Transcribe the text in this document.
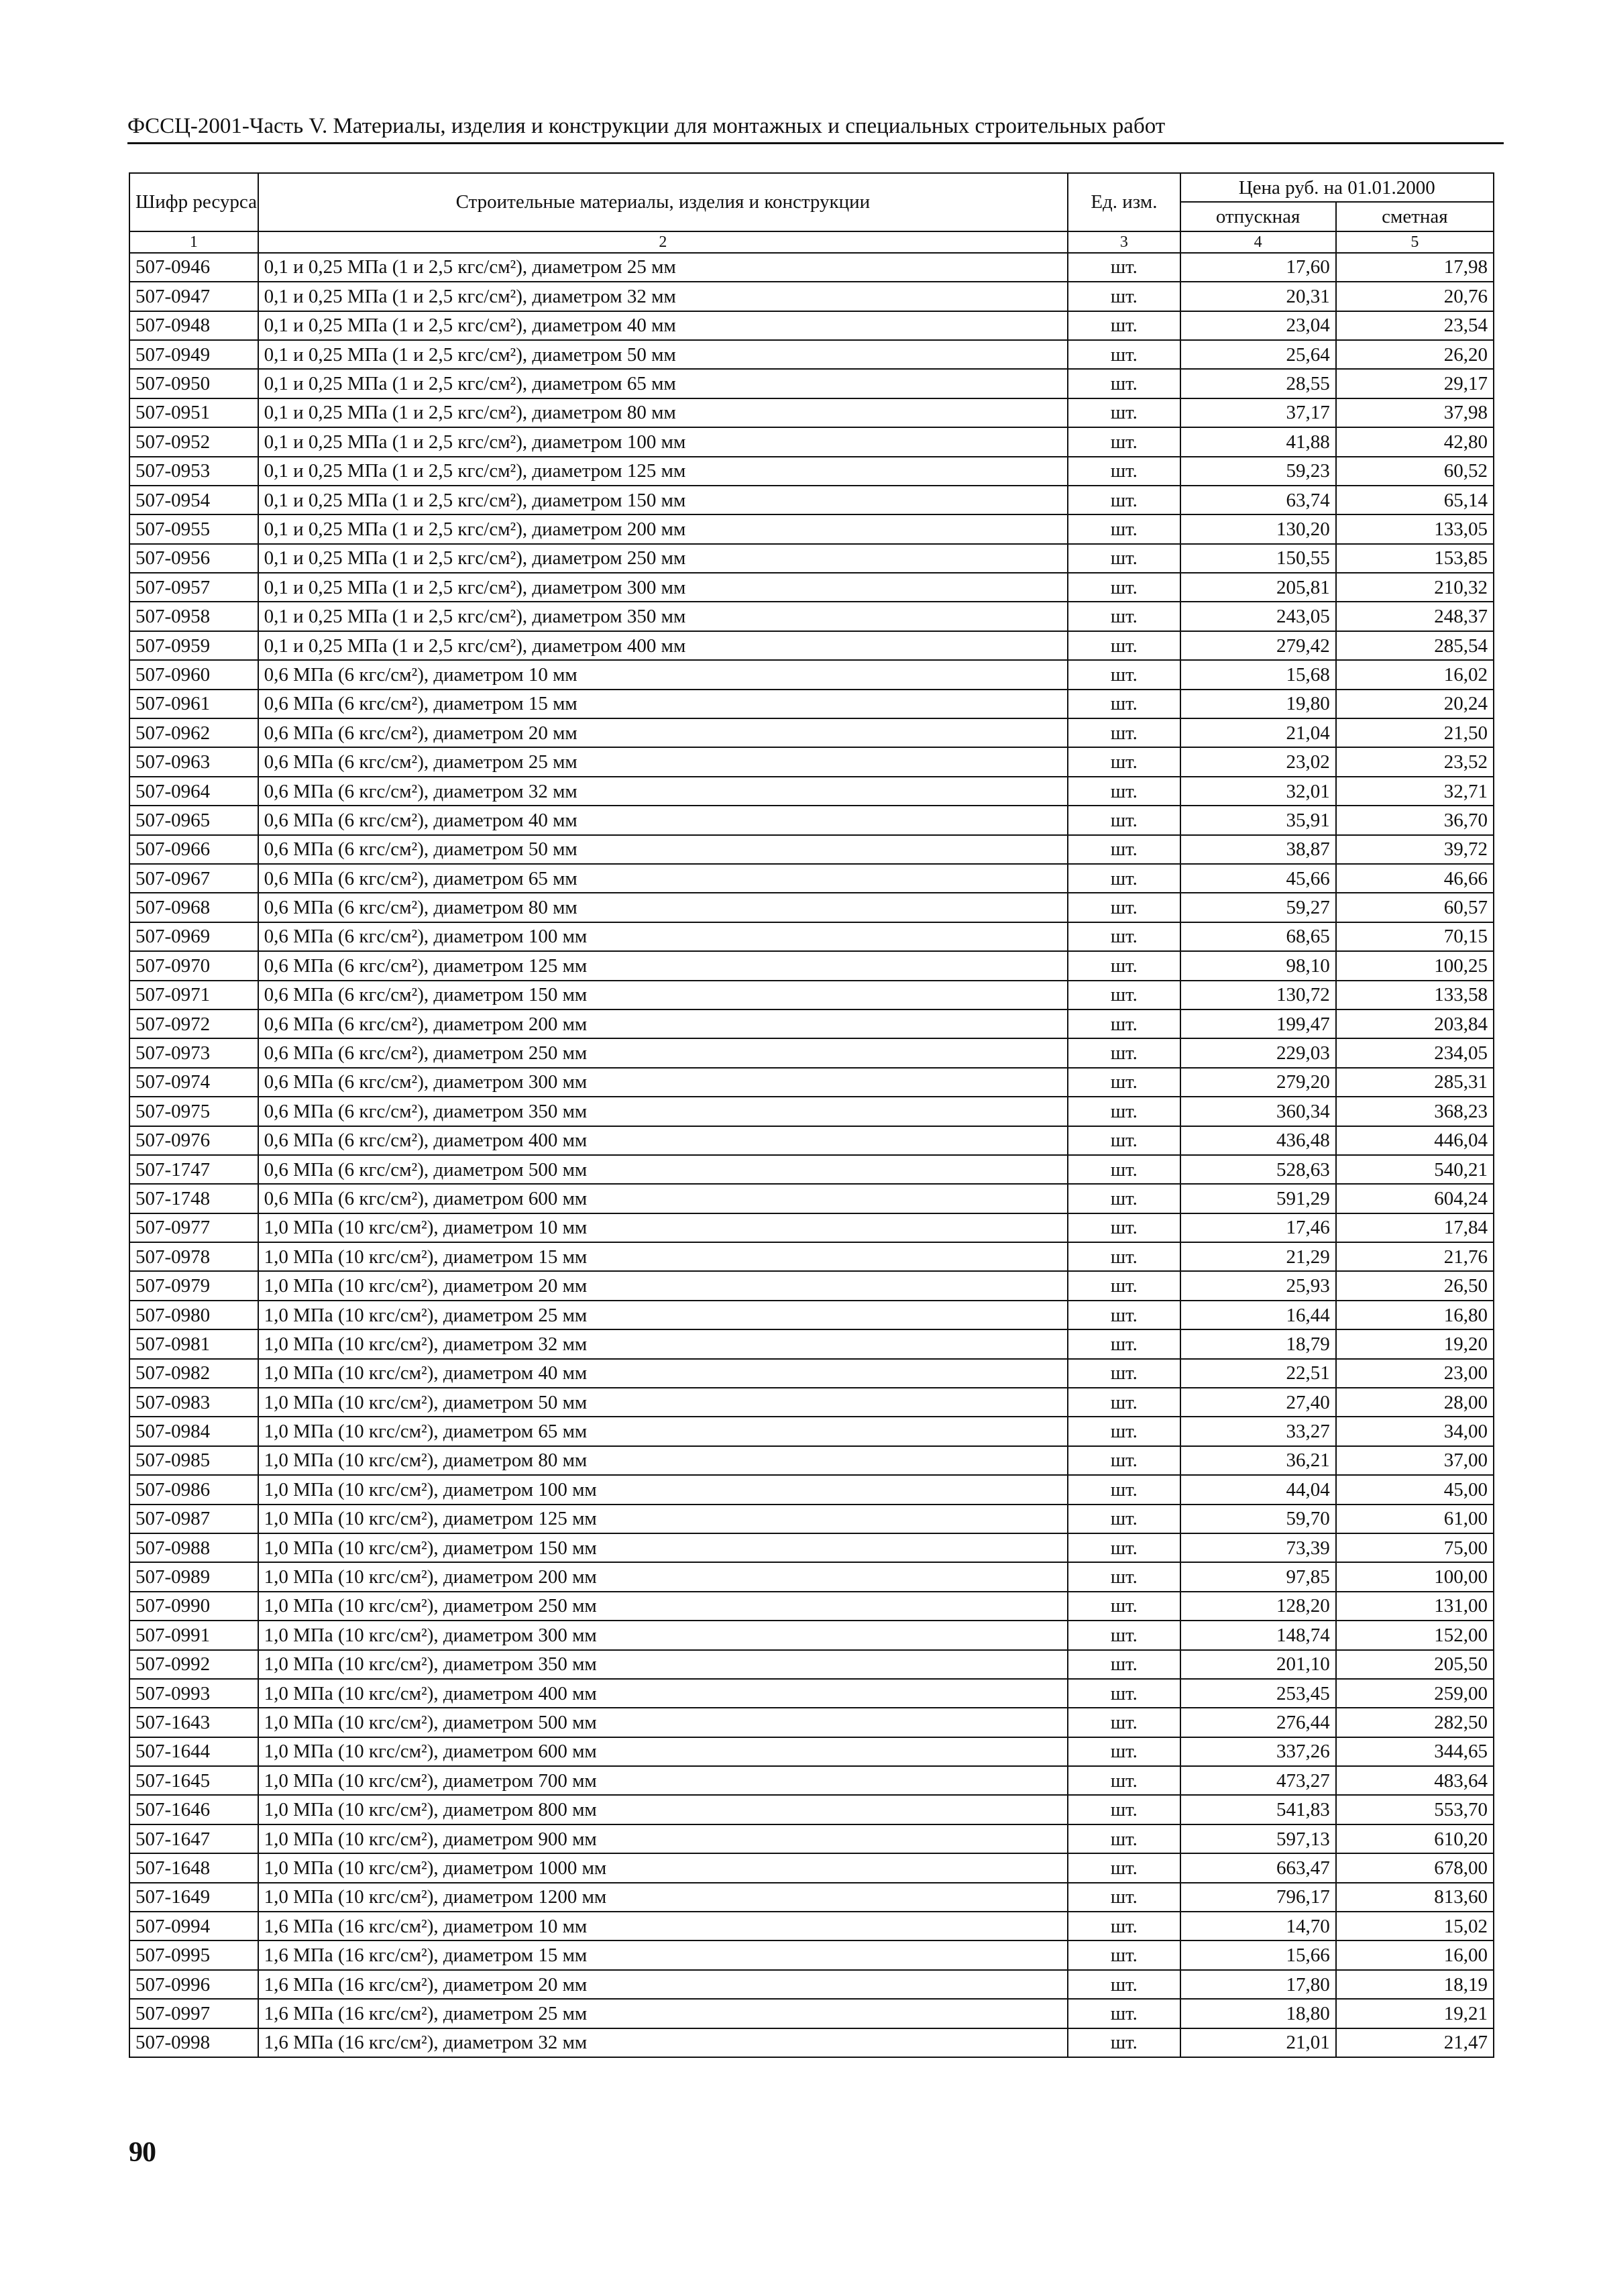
ФССЦ-2001-Часть V. Материалы, изделия и конструкции для монтажных и специальных строительных работ
Шифр ресурса	Строительные материалы, изделия и конструкции	Ед. изм.	Цена руб. на 01.01.2000	
			отпускная	сметная
1	2	3	4	5
507-0946	0,1 и 0,25 МПа (1 и 2,5 кгс/см²), диаметром 25 мм	шт.	17,60	17,98
507-0947	0,1 и 0,25 МПа (1 и 2,5 кгс/см²), диаметром 32 мм	шт.	20,31	20,76
507-0948	0,1 и 0,25 МПа (1 и 2,5 кгс/см²), диаметром 40 мм	шт.	23,04	23,54
507-0949	0,1 и 0,25 МПа (1 и 2,5 кгс/см²), диаметром 50 мм	шт.	25,64	26,20
507-0950	0,1 и 0,25 МПа (1 и 2,5 кгс/см²), диаметром 65 мм	шт.	28,55	29,17
507-0951	0,1 и 0,25 МПа (1 и 2,5 кгс/см²), диаметром 80 мм	шт.	37,17	37,98
507-0952	0,1 и 0,25 МПа (1 и 2,5 кгс/см²), диаметром 100 мм	шт.	41,88	42,80
507-0953	0,1 и 0,25 МПа (1 и 2,5 кгс/см²), диаметром 125 мм	шт.	59,23	60,52
507-0954	0,1 и 0,25 МПа (1 и 2,5 кгс/см²), диаметром 150 мм	шт.	63,74	65,14
507-0955	0,1 и 0,25 МПа (1 и 2,5 кгс/см²), диаметром 200 мм	шт.	130,20	133,05
507-0956	0,1 и 0,25 МПа (1 и 2,5 кгс/см²), диаметром 250 мм	шт.	150,55	153,85
507-0957	0,1 и 0,25 МПа (1 и 2,5 кгс/см²), диаметром 300 мм	шт.	205,81	210,32
507-0958	0,1 и 0,25 МПа (1 и 2,5 кгс/см²), диаметром 350 мм	шт.	243,05	248,37
507-0959	0,1 и 0,25 МПа (1 и 2,5 кгс/см²), диаметром 400 мм	шт.	279,42	285,54
507-0960	0,6 МПа (6 кгс/см²), диаметром 10 мм	шт.	15,68	16,02
507-0961	0,6 МПа (6 кгс/см²), диаметром 15 мм	шт.	19,80	20,24
507-0962	0,6 МПа (6 кгс/см²), диаметром 20 мм	шт.	21,04	21,50
507-0963	0,6 МПа (6 кгс/см²), диаметром 25 мм	шт.	23,02	23,52
507-0964	0,6 МПа (6 кгс/см²), диаметром 32 мм	шт.	32,01	32,71
507-0965	0,6 МПа (6 кгс/см²), диаметром 40 мм	шт.	35,91	36,70
507-0966	0,6 МПа (6 кгс/см²), диаметром 50 мм	шт.	38,87	39,72
507-0967	0,6 МПа (6 кгс/см²), диаметром 65 мм	шт.	45,66	46,66
507-0968	0,6 МПа (6 кгс/см²), диаметром 80 мм	шт.	59,27	60,57
507-0969	0,6 МПа (6 кгс/см²), диаметром 100 мм	шт.	68,65	70,15
507-0970	0,6 МПа (6 кгс/см²), диаметром 125 мм	шт.	98,10	100,25
507-0971	0,6 МПа (6 кгс/см²), диаметром 150 мм	шт.	130,72	133,58
507-0972	0,6 МПа (6 кгс/см²), диаметром 200 мм	шт.	199,47	203,84
507-0973	0,6 МПа (6 кгс/см²), диаметром 250 мм	шт.	229,03	234,05
507-0974	0,6 МПа (6 кгс/см²), диаметром 300 мм	шт.	279,20	285,31
507-0975	0,6 МПа (6 кгс/см²), диаметром 350 мм	шт.	360,34	368,23
507-0976	0,6 МПа (6 кгс/см²), диаметром 400 мм	шт.	436,48	446,04
507-1747	0,6 МПа (6 кгс/см²), диаметром 500 мм	шт.	528,63	540,21
507-1748	0,6 МПа (6 кгс/см²), диаметром 600 мм	шт.	591,29	604,24
507-0977	1,0 МПа (10 кгс/см²), диаметром 10 мм	шт.	17,46	17,84
507-0978	1,0 МПа (10 кгс/см²), диаметром 15 мм	шт.	21,29	21,76
507-0979	1,0 МПа (10 кгс/см²), диаметром 20 мм	шт.	25,93	26,50
507-0980	1,0 МПа (10 кгс/см²), диаметром 25 мм	шт.	16,44	16,80
507-0981	1,0 МПа (10 кгс/см²), диаметром 32 мм	шт.	18,79	19,20
507-0982	1,0 МПа (10 кгс/см²), диаметром 40 мм	шт.	22,51	23,00
507-0983	1,0 МПа (10 кгс/см²), диаметром 50 мм	шт.	27,40	28,00
507-0984	1,0 МПа (10 кгс/см²), диаметром 65 мм	шт.	33,27	34,00
507-0985	1,0 МПа (10 кгс/см²), диаметром 80 мм	шт.	36,21	37,00
507-0986	1,0 МПа (10 кгс/см²), диаметром 100 мм	шт.	44,04	45,00
507-0987	1,0 МПа (10 кгс/см²), диаметром 125 мм	шт.	59,70	61,00
507-0988	1,0 МПа (10 кгс/см²), диаметром 150 мм	шт.	73,39	75,00
507-0989	1,0 МПа (10 кгс/см²), диаметром 200 мм	шт.	97,85	100,00
507-0990	1,0 МПа (10 кгс/см²), диаметром 250 мм	шт.	128,20	131,00
507-0991	1,0 МПа (10 кгс/см²), диаметром 300 мм	шт.	148,74	152,00
507-0992	1,0 МПа (10 кгс/см²), диаметром 350 мм	шт.	201,10	205,50
507-0993	1,0 МПа (10 кгс/см²), диаметром 400 мм	шт.	253,45	259,00
507-1643	1,0 МПа (10 кгс/см²), диаметром 500 мм	шт.	276,44	282,50
507-1644	1,0 МПа (10 кгс/см²), диаметром 600 мм	шт.	337,26	344,65
507-1645	1,0 МПа (10 кгс/см²), диаметром 700 мм	шт.	473,27	483,64
507-1646	1,0 МПа (10 кгс/см²), диаметром 800 мм	шт.	541,83	553,70
507-1647	1,0 МПа (10 кгс/см²), диаметром 900 мм	шт.	597,13	610,20
507-1648	1,0 МПа (10 кгс/см²), диаметром 1000 мм	шт.	663,47	678,00
507-1649	1,0 МПа (10 кгс/см²), диаметром 1200 мм	шт.	796,17	813,60
507-0994	1,6 МПа (16 кгс/см²), диаметром 10 мм	шт.	14,70	15,02
507-0995	1,6 МПа (16 кгс/см²), диаметром 15 мм	шт.	15,66	16,00
507-0996	1,6 МПа (16 кгс/см²), диаметром 20 мм	шт.	17,80	18,19
507-0997	1,6 МПа (16 кгс/см²), диаметром 25 мм	шт.	18,80	19,21
507-0998	1,6 МПа (16 кгс/см²), диаметром 32 мм	шт.	21,01	21,47
90
